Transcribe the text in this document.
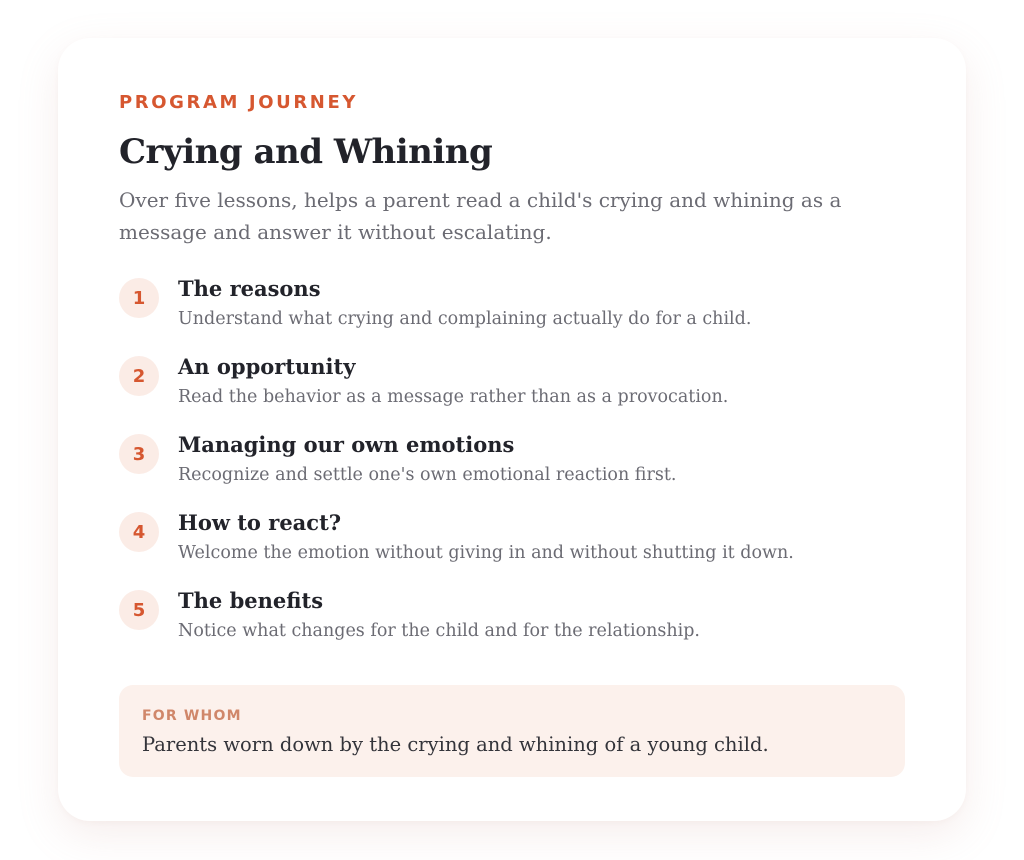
PROGRAM JOURNEY

Crying and Whining

Over five lessons, helps a parent read a child's crying and whining as a message and answer it without escalating.

1	The reasons
Understand what crying and complaining actually do for a child.
2	An opportunity
Read the behavior as a message rather than as a provocation.
3	Managing our own emotions
Recognize and settle one's own emotional reaction first.
4	How to react?
Welcome the emotion without giving in and without shutting it down.
5	The benefits
Notice what changes for the child and for the relationship.
FOR WHOM
Parents worn down by the crying and whining of a young child.
